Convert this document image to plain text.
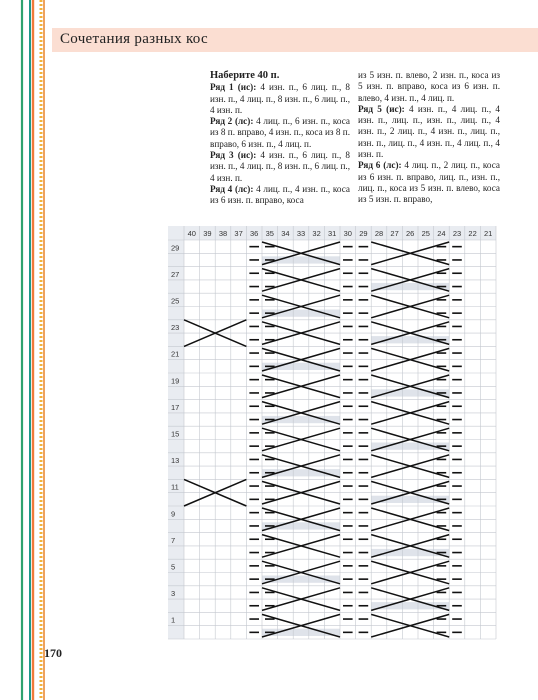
Сочетания разных кос

Наберите 40 п.

Ряд 1 (ис): 4 изн. п., 6 лиц. п., 8 изн. п., 4 лиц. п., 8 изн. п., 6 лиц. п., 4 изн. п.

Ряд 2 (лс): 4 лиц. п., 6 изн. п., коса из 8 п. вправо, 4 изн. п., коса из 8 п. вправо, 6 изн. п., 4 лиц. п.

Ряд 3 (ис): 4 изн. п., 6 лиц. п., 8 изн. п., 4 лиц. п., 8 изн. п., 6 лиц. п., 4 изн. п.

Ряд 4 (лс): 4 лиц. п., 4 изн. п., коса из 6 изн. п. вправо, коса

из 5 изн. п. влево, 2 изн. п., коса из 5 изн. п. вправо, коса из 6 изн. п. влево, 4 изн. п., 4 лиц. п.

Ряд 5 (ис): 4 изн. п., 4 лиц. п., 4 изн. п., лиц. п., изн. п., лиц. п., 4 изн. п., 2 лиц. п., 4 изн. п., лиц. п., изн. п., лиц. п., 4 изн. п., 4 лиц. п., 4 изн. п.

Ряд 6 (лс): 4 лиц. п., 2 лиц. п., коса из 6 изн. п. вправо, лиц. п., изн. п., лиц. п., коса из 5 изн. п. влево, коса из 5 изн. п. вправо,

40 39 38 37 36 35 34 33 32 31 30 29 28 27 26 25 24 23 22 21
29
27
25
23
21
19
17
15
13
11
9
7
5
3
1
170
